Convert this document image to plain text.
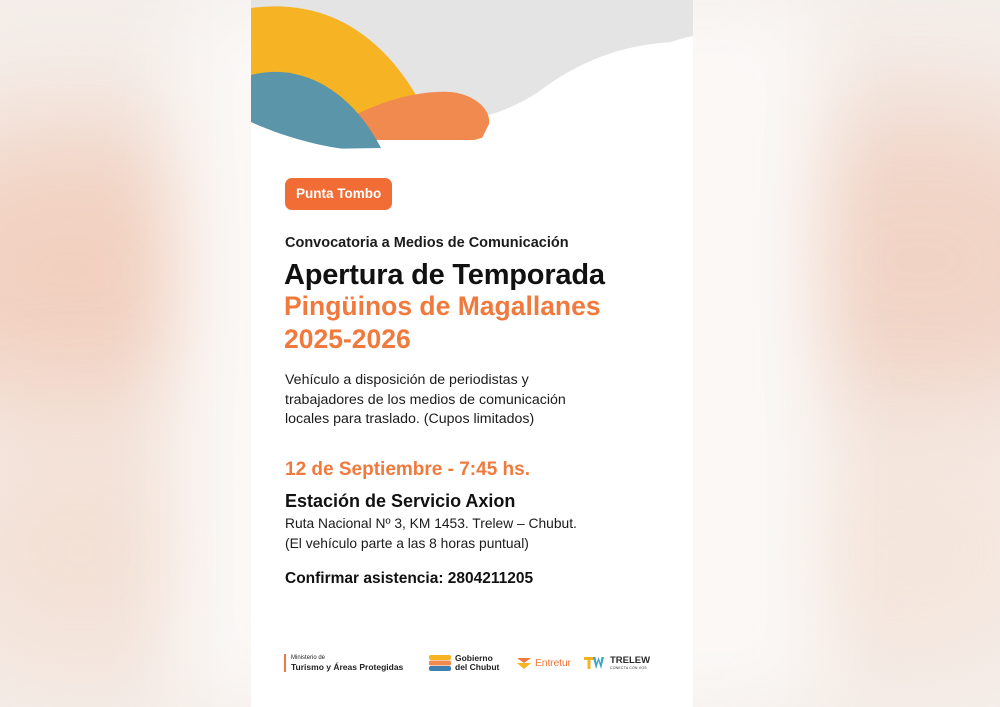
Punta Tombo
Convocatoria a Medios de Comunicación
Apertura de Temporada
Pingüinos de Magallanes
2025-2026
Vehículo a disposición de periodistas y
trabajadores de los medios de comunicación
locales para traslado. (Cupos limitados)
12 de Septiembre - 7:45 hs.
Estación de Servicio Axion
Ruta Nacional Nº 3, KM 1453. Trelew – Chubut.
(El vehículo parte a las 8 horas puntual)
Confirmar asistencia: 2804211205
Ministerio de
Turismo y Áreas Protegidas
Gobierno
del Chubut	Entretur	TRELEW
CONECTA CON VOS
